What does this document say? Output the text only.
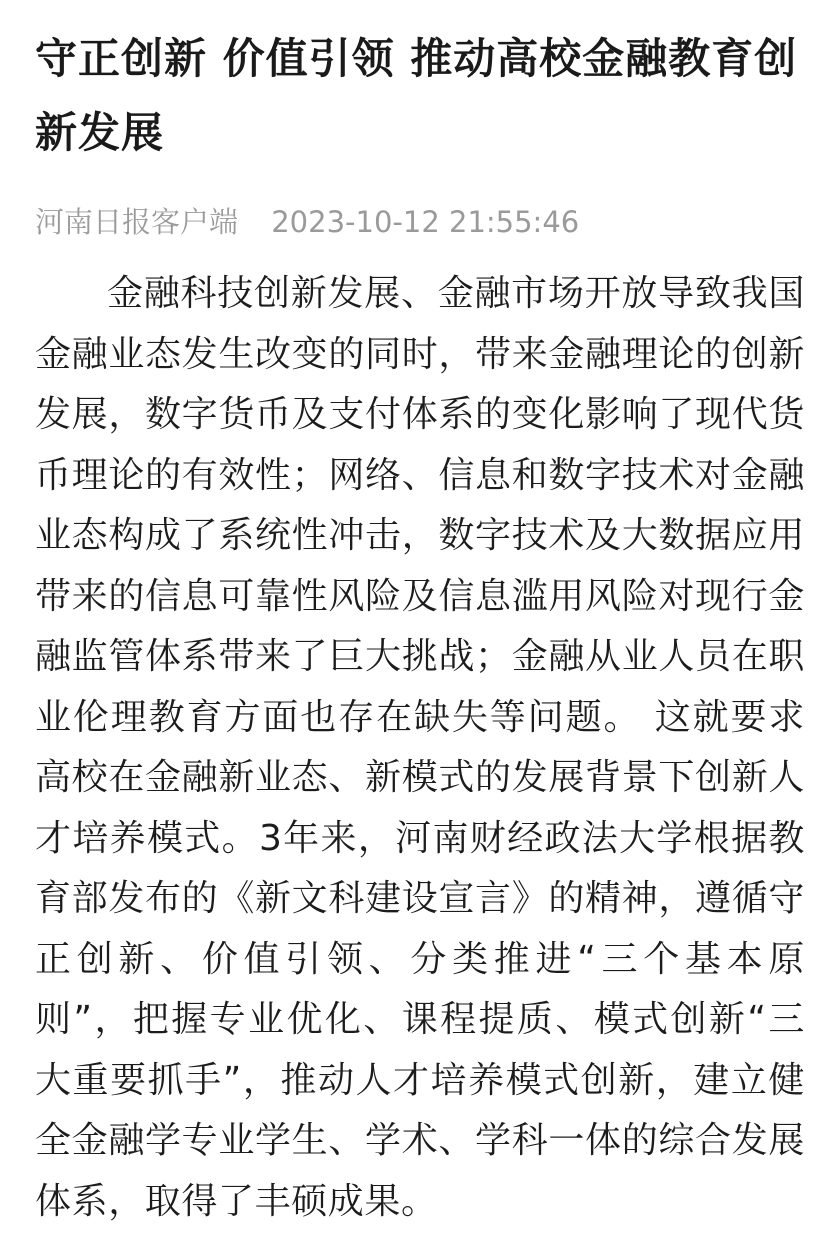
守正创新 价值引领 推动高校金融教育创新发展
河南日报客户端 2023-10-12 21:55:46

金融科技创新发展、金融市场开放导致我国金融业态发生改变的同时，带来金融理论的创新发展，数字货币及支付体系的变化影响了现代货币理论的有效性；网络、信息和数字技术对金融业态构成了系统性冲击，数字技术及大数据应用带来的信息可靠性风险及信息滥用风险对现行金融监管体系带来了巨大挑战；金融从业人员在职业伦理教育方面也存在缺失等问题。 这就要求高校在金融新业态、新模式的发展背景下创新人才培养模式。3年来，河南财经政法大学根据教育部发布的《新文科建设宣言》的精神，遵循守正创新、价值引领、分类推进“三个基本原则”，把握专业优化、课程提质、模式创新“三大重要抓手”，推动人才培养模式创新，建立健全金融学专业学生、学术、学科一体的综合发展体系，取得了丰硕成果。
